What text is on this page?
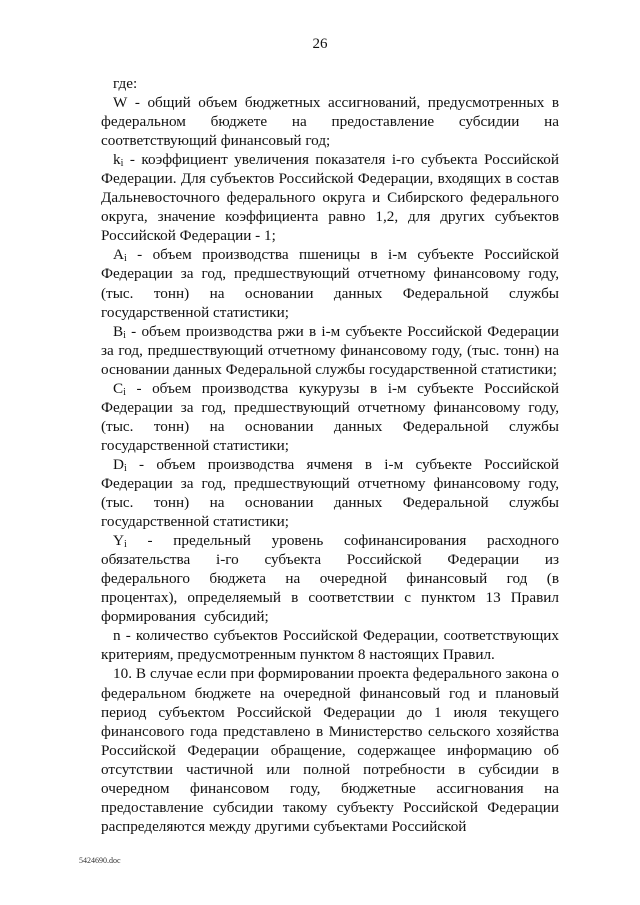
26

где:

W - общий объем бюджетных ассигнований, предусмотренных в федеральном бюджете на предоставление субсидии на соответствующий финансовый год;

$k_i$ - коэффициент увеличения показателя i-го субъекта Российской Федерации. Для субъектов Российской Федерации, входящих в состав Дальневосточного федерального округа и Сибирского федерального округа, значение коэффициента равно 1,2, для других субъектов Российской Федерации - 1;

$A_i$ - объем производства пшеницы в i-м субъекте Российской Федерации за год, предшествующий отчетному финансовому году, (тыс. тонн) на основании данных Федеральной службы государственной статистики;

$B_i$ - объем производства ржи в i-м субъекте Российской Федерации за год, предшествующий отчетному финансовому году, (тыс. тонн) на основании данных Федеральной службы государственной статистики;

$C_i$ - объем производства кукурузы в i-м субъекте Российской Федерации за год, предшествующий отчетному финансовому году, (тыс. тонн) на основании данных Федеральной службы государственной статистики;

$D_i$ - объем производства ячменя в i-м субъекте Российской Федерации за год, предшествующий отчетному финансовому году, (тыс. тонн) на основании данных Федеральной службы государственной статистики;

$Y_i$ - предельный уровень софинансирования расходного обязательства i-го субъекта Российской Федерации из федерального бюджета на очередной финансовый год (в процентах), определяемый в соответствии с пунктом 13 Правил формирования субсидий;

n - количество субъектов Российской Федерации, соответствующих критериям, предусмотренным пунктом 8 настоящих Правил.

10. В случае если при формировании проекта федерального закона о федеральном бюджете на очередной финансовый год и плановый период субъектом Российской Федерации до 1 июля текущего финансового года представлено в Министерство сельского хозяйства Российской Федерации обращение, содержащее информацию об отсутствии частичной или полной потребности в субсидии в очередном финансовом году, бюджетные ассигнования на предоставление субсидии такому субъекту Российской Федерации распределяются между другими субъектами Российской

5424690.doc
